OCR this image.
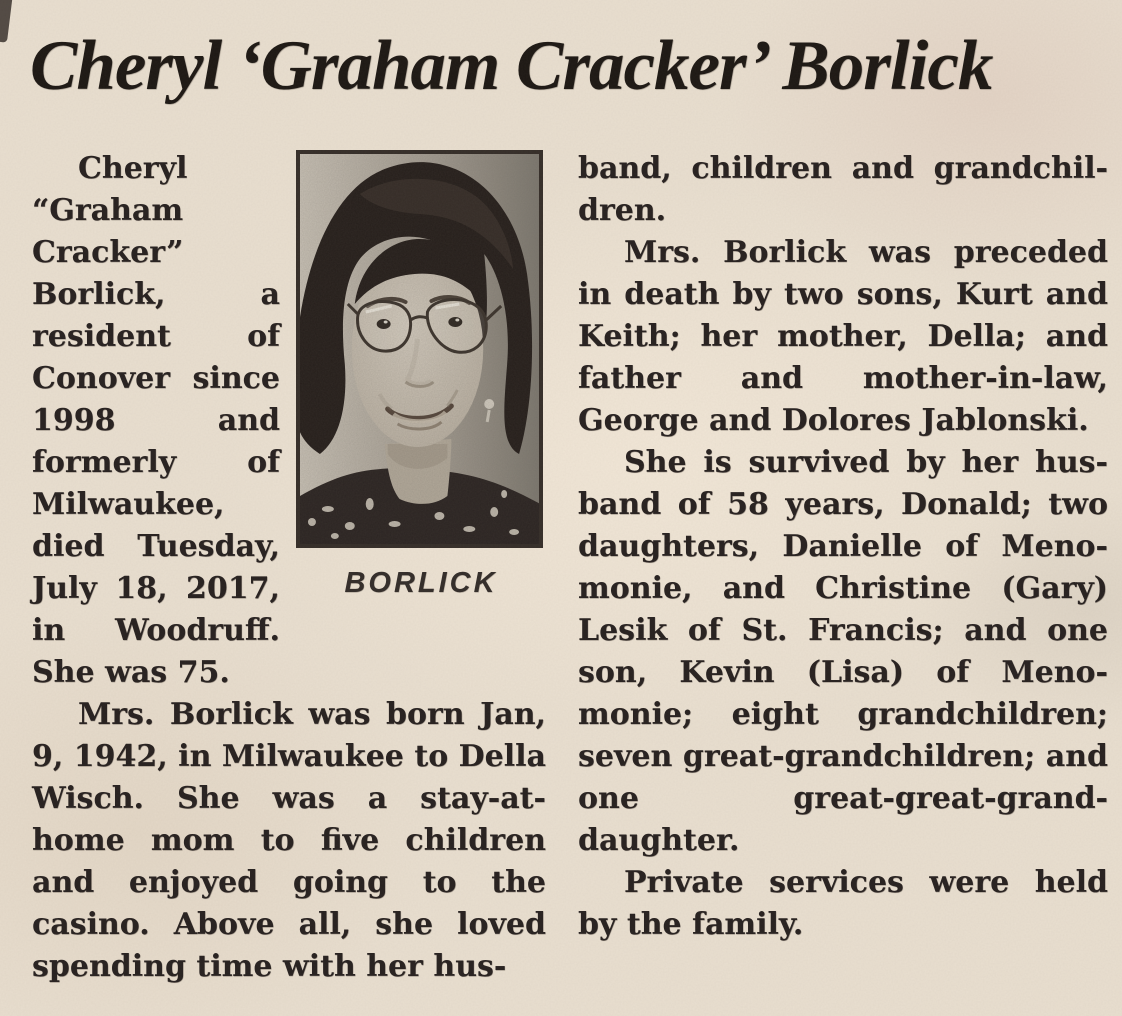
Cheryl ‘Graham Cracker’ Borlick
BORLICK

Cheryl “Graham Cracker” Borlick, a resident of Conover since 1998 and formerly of Milwaukee, died Tuesday, July 18, 2017, in Woodruff. She was 75.

Mrs. Borlick was born Jan, 9, 1942, in Milwaukee to Della Wisch. She was a stay-at-home mom to five children and enjoyed going to the casino. Above all, she loved spending time with her hus-

band, children and grandchildren.

Mrs. Borlick was preceded in death by two sons, Kurt and Keith; her mother, Della; and father and mother-in-law, George and Dolores Jablonski.

She is survived by her husband of 58 years, Donald; two daughters, Danielle of Menomonie, and Christine (Gary) Lesik of St. Francis; and one son, Kevin (Lisa) of Menomonie; eight grandchildren; seven great-grandchildren; and one great-great-granddaughter.

Private services were held by the family.
